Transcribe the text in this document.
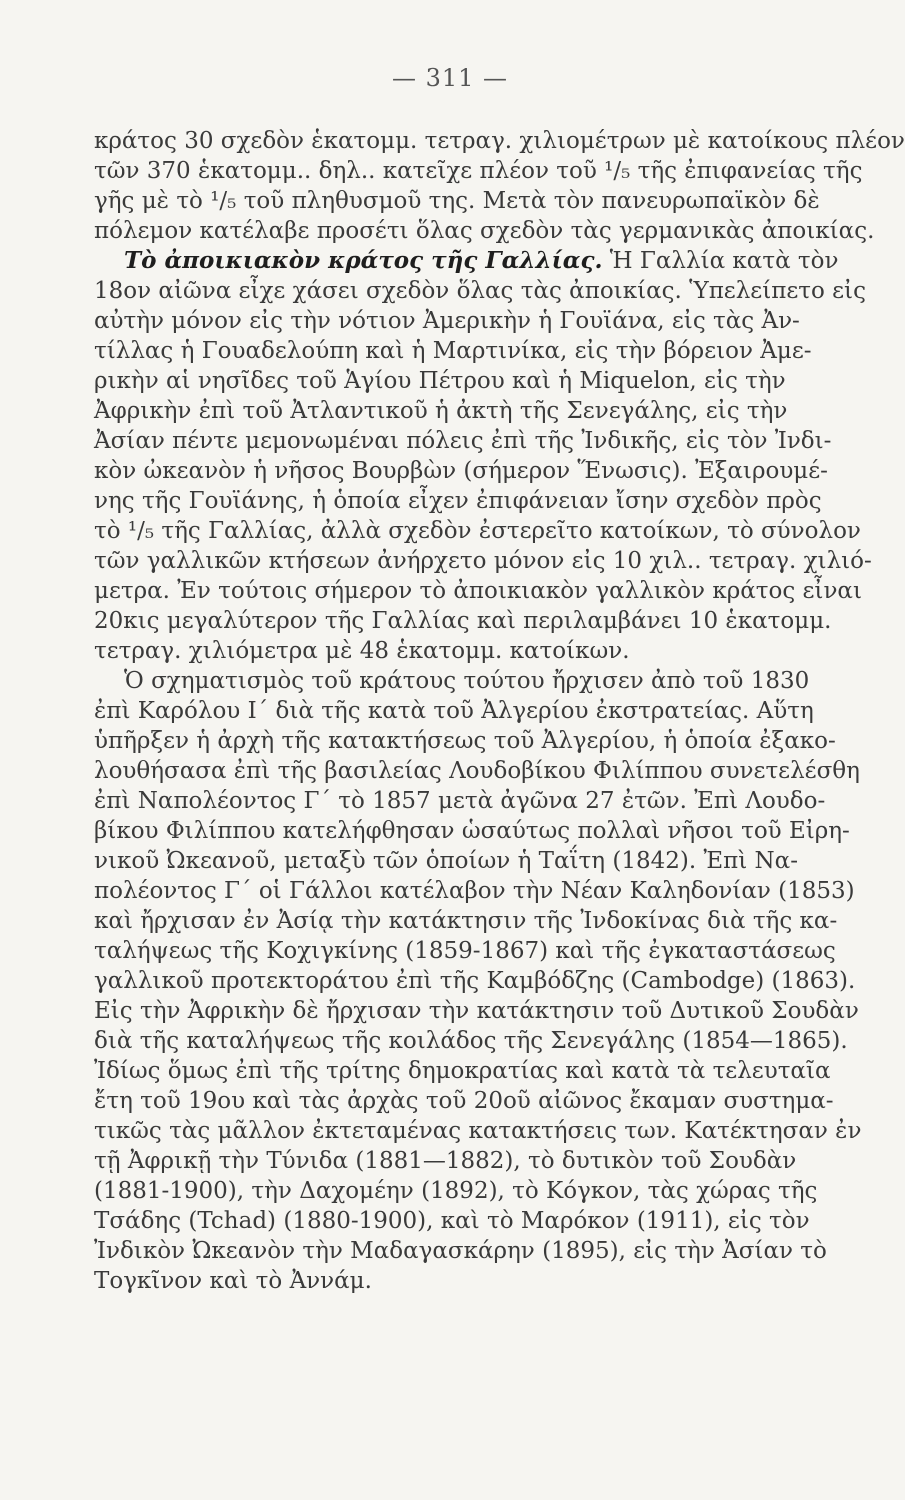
— 311 —
κράτος 30 σχεδὸν ἑκατομμ. τετραγ. χιλιομέτρων μὲ κατοίκους πλέον
τῶν 370 ἑκατομμ.. δηλ.. κατεῖχε πλέον τοῦ ¹/₅ τῆς ἐπιφανείας τῆς
γῆς μὲ τὸ ¹/₅ τοῦ πληθυσμοῦ της. Μετὰ τὸν πανευρωπαϊκὸν δὲ
πόλεμον κατέλαβε προσέτι ὅλας σχεδὸν τὰς γερμανικὰς ἀποικίας.
Τὸ ἀποικιακὸν κράτος τῆς Γαλλίας. Ἡ Γαλλία κατὰ τὸν
18ον αἰῶνα εἶχε χάσει σχεδὸν ὅλας τὰς ἀποικίας. Ὑπελείπετο εἰς
αὐτὴν μόνον εἰς τὴν νότιον Ἀμερικὴν ἡ Γουϊάνα, εἰς τὰς Ἀν-
τίλλας ἡ Γουαδελούπη καὶ ἡ Μαρτινίκα, εἰς τὴν βόρειον Ἀμε-
ρικὴν αἱ νησῖδες τοῦ Ἁγίου Πέτρου καὶ ἡ Miquelon, εἰς τὴν
Ἀφρικὴν ἐπὶ τοῦ Ἀτλαντικοῦ ἡ ἀκτὴ τῆς Σενεγάλης, εἰς τὴν
Ἀσίαν πέντε μεμονωμέναι πόλεις ἐπὶ τῆς Ἰνδικῆς, εἰς τὸν Ἰνδι-
κὸν ὠκεανὸν ἡ νῆσος Βουρβὼν (σήμερον Ἕνωσις). Ἐξαιρουμέ-
νης τῆς Γουϊάνης, ἡ ὁποία εἶχεν ἐπιφάνειαν ἴσην σχεδὸν πρὸς
τὸ ¹/₅ τῆς Γαλλίας, ἀλλὰ σχεδὸν ἐστερεῖτο κατοίκων, τὸ σύνολον
τῶν γαλλικῶν κτήσεων ἀνήρχετο μόνον εἰς 10 χιλ.. τετραγ. χιλιό-
μετρα. Ἐν τούτοις σήμερον τὸ ἀποικιακὸν γαλλικὸν κράτος εἶναι
20κις μεγαλύτερον τῆς Γαλλίας καὶ περιλαμβάνει 10 ἑκατομμ.
τετραγ. χιλιόμετρα μὲ 48 ἑκατομμ. κατοίκων.
Ὁ σχηματισμὸς τοῦ κράτους τούτου ἤρχισεν ἀπὸ τοῦ 1830
ἐπὶ Καρόλου Ι΄ διὰ τῆς κατὰ τοῦ Ἀλγερίου ἐκστρατείας. Αὕτη
ὑπῆρξεν ἡ ἀρχὴ τῆς κατακτήσεως τοῦ Ἀλγερίου, ἡ ὁποία ἐξακο-
λουθήσασα ἐπὶ τῆς βασιλείας Λουδοβίκου Φιλίππου συνετελέσθη
ἐπὶ Ναπολέοντος Γ΄ τὸ 1857 μετὰ ἀγῶνα 27 ἐτῶν. Ἐπὶ Λουδο-
βίκου Φιλίππου κατελήφθησαν ὡσαύτως πολλαὶ νῆσοι τοῦ Εἰρη-
νικοῦ Ὠκεανοῦ, μεταξὺ τῶν ὁποίων ἡ Ταΐτη (1842). Ἐπὶ Να-
πολέοντος Γ΄ οἱ Γάλλοι κατέλαβον τὴν Νέαν Καληδονίαν (1853)
καὶ ἤρχισαν ἐν Ἀσίᾳ τὴν κατάκτησιν τῆς Ἰνδοκίνας διὰ τῆς κα-
ταλήψεως τῆς Κοχιγκίνης (1859-1867) καὶ τῆς ἐγκαταστάσεως
γαλλικοῦ προτεκτοράτου ἐπὶ τῆς Καμβόδζης (Cambodge) (1863).
Εἰς τὴν Ἀφρικὴν δὲ ἤρχισαν τὴν κατάκτησιν τοῦ Δυτικοῦ Σουδὰν
διὰ τῆς καταλήψεως τῆς κοιλάδος τῆς Σενεγάλης (1854—1865).
Ἰδίως ὅμως ἐπὶ τῆς τρίτης δημοκρατίας καὶ κατὰ τὰ τελευταῖα
ἔτη τοῦ 19ου καὶ τὰς ἀρχὰς τοῦ 20οῦ αἰῶνος ἔκαμαν συστημα-
τικῶς τὰς μᾶλλον ἐκτεταμένας κατακτήσεις των. Κατέκτησαν ἐν
τῇ Ἀφρικῇ τὴν Τύνιδα (1881—1882), τὸ δυτικὸν τοῦ Σουδὰν
(1881-1900), τὴν Δαχομέην (1892), τὸ Κόγκον, τὰς χώρας τῆς
Τσάδης (Tchad) (1880-1900), καὶ τὸ Μαρόκον (1911), εἰς τὸν
Ἰνδικὸν Ὠκεανὸν τὴν Μαδαγασκάρην (1895), εἰς τὴν Ἀσίαν τὸ
Τογκῖνον καὶ τὸ Ἀννάμ.
